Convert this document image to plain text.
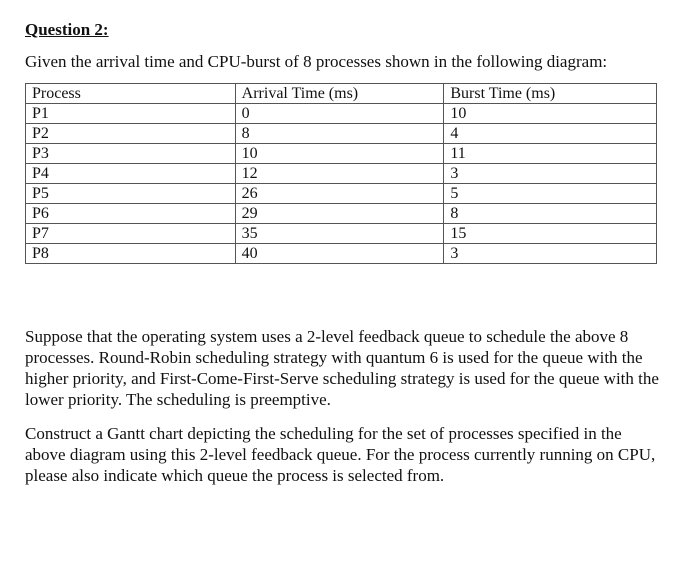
Question 2:

Given the arrival time and CPU-burst of 8 processes shown in the following diagram:

Process	Arrival Time (ms)	Burst Time (ms)
P1	0	10
P2	8	4
P3	10	11
P4	12	3
P5	26	5
P6	29	8
P7	35	15
P8	40	3

Suppose that the operating system uses a 2-level feedback queue to schedule the above 8 processes. Round-Robin scheduling strategy with quantum 6 is used for the queue with the higher priority, and First-Come-First-Serve scheduling strategy is used for the queue with the lower priority. The scheduling is preemptive.

Construct a Gantt chart depicting the scheduling for the set of processes specified in the above diagram using this 2-level feedback queue. For the process currently running on CPU, please also indicate which queue the process is selected from.
